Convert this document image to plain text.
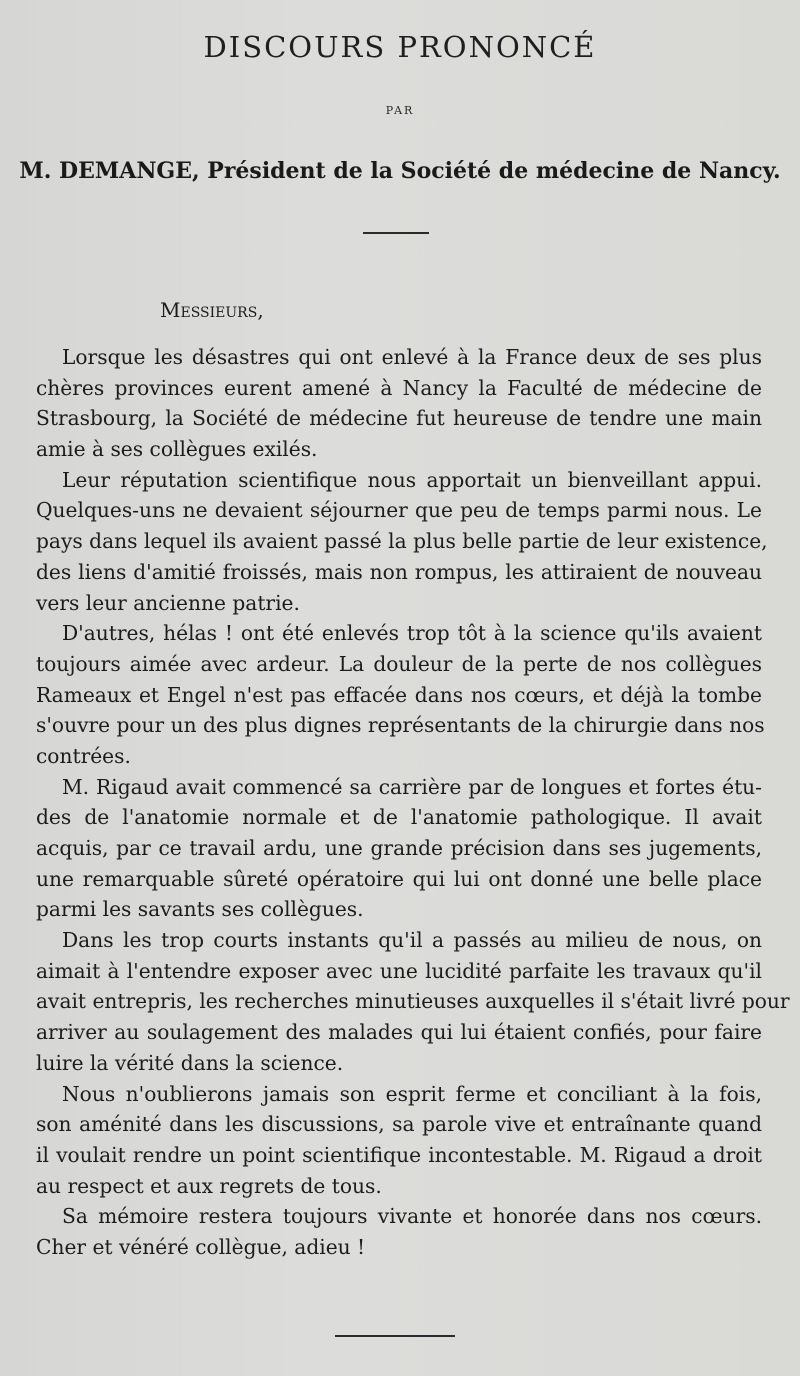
DISCOURS PRONONCÉ
PAR
M. DEMANGE, Président de la Société de médecine de Nancy.
Messieurs,
Lorsque les désastres qui ont enlevé à la France deux de ses plus
chères provinces eurent amené à Nancy la Faculté de médecine de
Strasbourg, la Société de médecine fut heureuse de tendre une main
amie à ses collègues exilés.
Leur réputation scientifique nous apportait un bienveillant appui.
Quelques-uns ne devaient séjourner que peu de temps parmi nous. Le
pays dans lequel ils avaient passé la plus belle partie de leur existence,
des liens d'amitié froissés, mais non rompus, les attiraient de nouveau
vers leur ancienne patrie.
D'autres, hélas ! ont été enlevés trop tôt à la science qu'ils avaient
toujours aimée avec ardeur. La douleur de la perte de nos collègues
Rameaux et Engel n'est pas effacée dans nos cœurs, et déjà la tombe
s'ouvre pour un des plus dignes représentants de la chirurgie dans nos
contrées.
M. Rigaud avait commencé sa carrière par de longues et fortes étu-
des de l'anatomie normale et de l'anatomie pathologique. Il avait
acquis, par ce travail ardu, une grande précision dans ses jugements,
une remarquable sûreté opératoire qui lui ont donné une belle place
parmi les savants ses collègues.
Dans les trop courts instants qu'il a passés au milieu de nous, on
aimait à l'entendre exposer avec une lucidité parfaite les travaux qu'il
avait entrepris, les recherches minutieuses auxquelles il s'était livré pour
arriver au soulagement des malades qui lui étaient confiés, pour faire
luire la vérité dans la science.
Nous n'oublierons jamais son esprit ferme et conciliant à la fois,
son aménité dans les discussions, sa parole vive et entraînante quand
il voulait rendre un point scientifique incontestable. M. Rigaud a droit
au respect et aux regrets de tous.
Sa mémoire restera toujours vivante et honorée dans nos cœurs.
Cher et vénéré collègue, adieu !
